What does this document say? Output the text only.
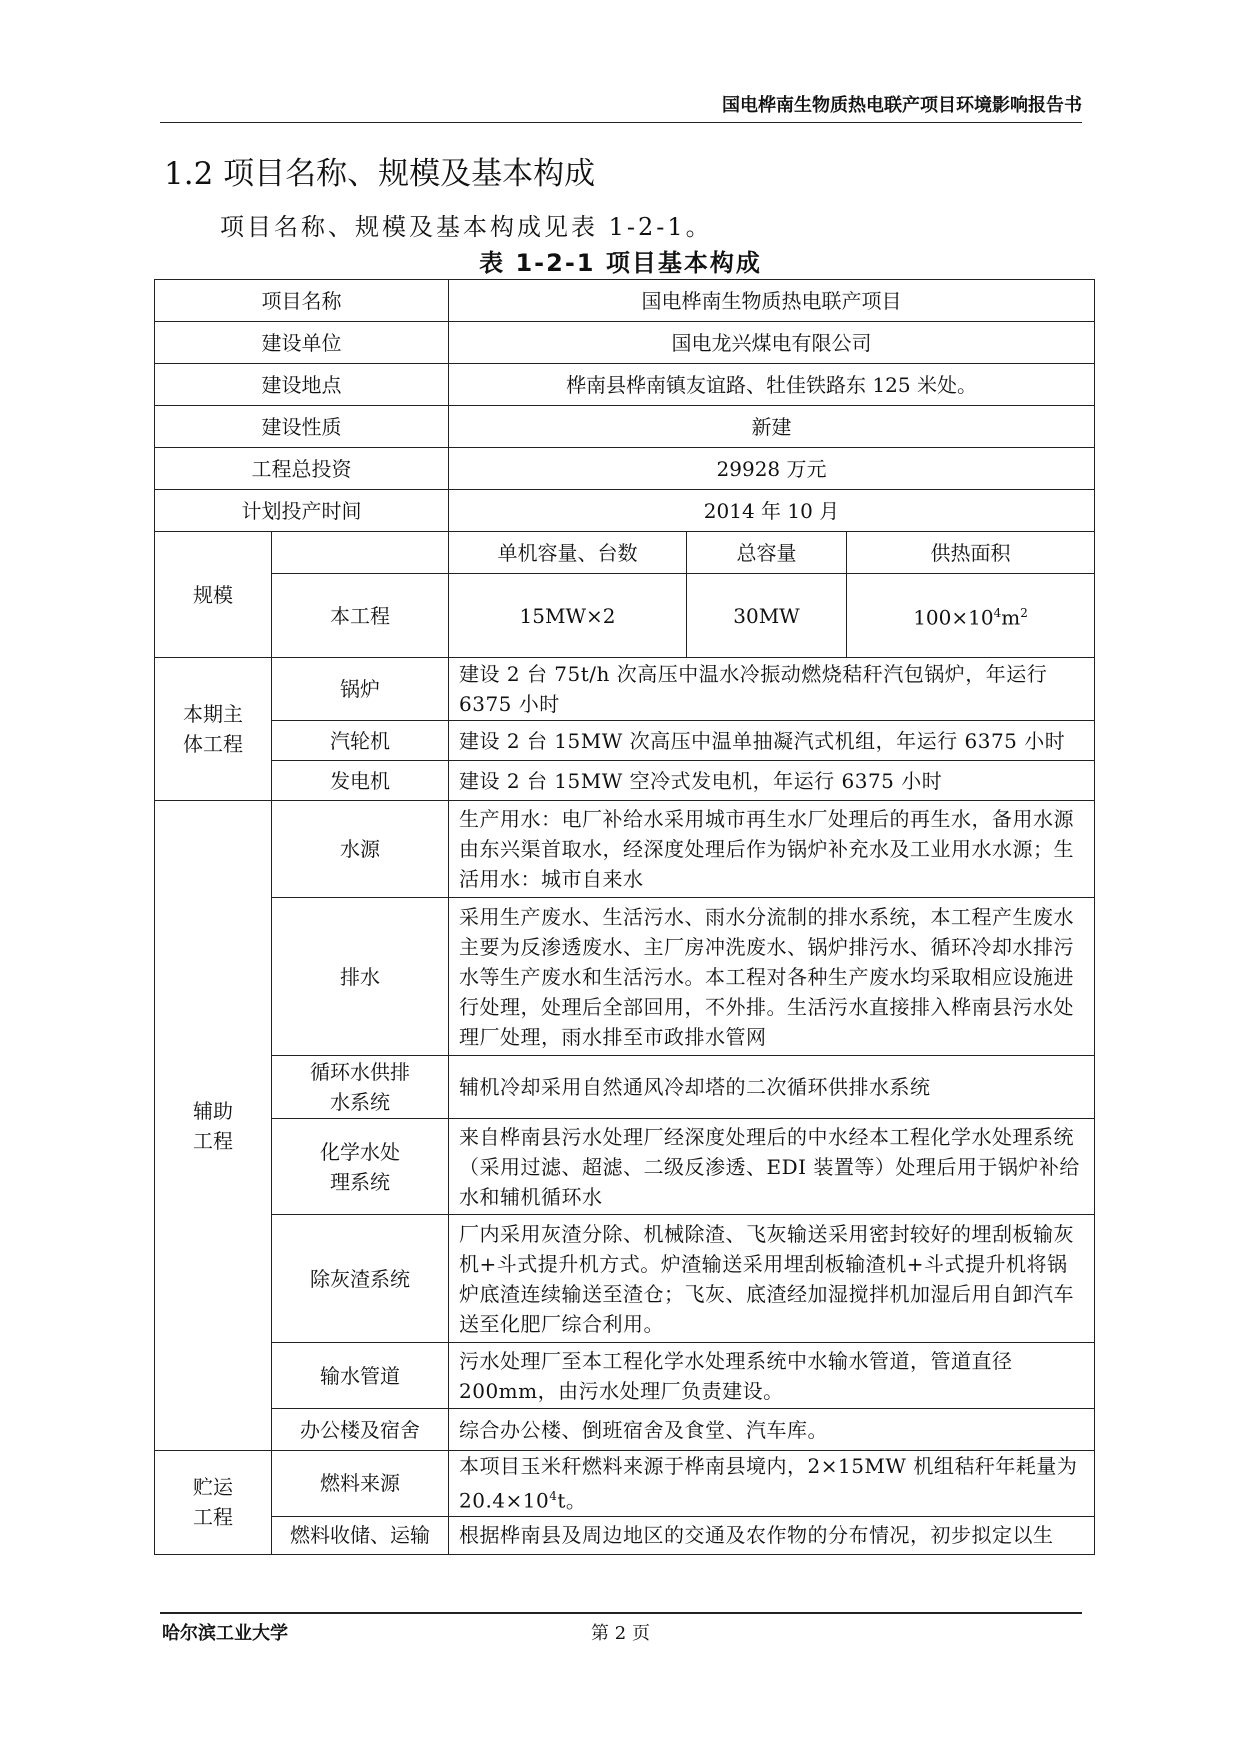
国电桦南生物质热电联产项目环境影响报告书
1.2 项目名称、规模及基本构成
项目名称、规模及基本构成见表 1-2-1。
表 1-2-1 项目基本构成
项目名称		国电桦南生物质热电联产项目		
建设单位		国电龙兴煤电有限公司		
建设地点		桦南县桦南镇友谊路、牡佳铁路东 125 米处。		
建设性质		新建		
工程总投资		29928 万元		
计划投产时间		2014 年 10 月		
规模		单机容量、台数	总容量	供热面积
	本工程	15MW×2	30MW	$100\times 10^4m^2$

本期主体工程	锅炉	建设 2 台 75t/h 次高压中温水冷振动燃烧秸秆汽包锅炉，年运行 6375 小时		
	汽轮机	建设 2 台 15MW 次高压中温单抽凝汽式机组，年运行 6375 小时		
	发电机	建设 2 台 15MW 空冷式发电机，年运行 6375 小时		

辅助工程	水源	生产用水：电厂补给水采用城市再生水厂处理后的再生水，备用水源由东兴渠首取水，经深度处理后作为锅炉补充水及工业用水水源；生活用水：城市自来水		
	排水	采用生产废水、生活污水、雨水分流制的排水系统，本工程产生废水主要为反渗透废水、主厂房冲洗废水、锅炉排污水、循环冷却水排污水等生产废水和生活污水。本工程对各种生产废水均采取相应设施进行处理，处理后全部回用，不外排。生活污水直接排入桦南县污水处理厂处理，雨水排至市政排水管网		

	循环水供排水系统	辅机冷却采用自然通风冷却塔的二次循环供排水系统		

	化学水处理系统	来自桦南县污水处理厂经深度处理后的中水经本工程化学水处理系统（采用过滤、超滤、二级反渗透、EDI 装置等）处理后用于锅炉补给水和辅机循环水		
	除灰渣系统	厂内采用灰渣分除、机械除渣、飞灰输送采用密封较好的埋刮板输灰机+斗式提升机方式。炉渣输送采用埋刮板输渣机+斗式提升机将锅炉底渣连续输送至渣仓；飞灰、底渣经加湿搅拌机加湿后用自卸汽车送至化肥厂综合利用。		
	输水管道	污水处理厂至本工程化学水处理系统中水输水管道，管道直径 200mm，由污水处理厂负责建设。		
	办公楼及宿舍	综合办公楼、倒班宿舍及食堂、汽车库。		

贮运工程	燃料来源	本项目玉米秆燃料来源于桦南县境内，2×15MW 机组秸秆年耗量为 $20.4\times 10^4t$。		
	燃料收储、运输	根据桦南县及周边地区的交通及农作物的分布情况，初步拟定以生		
哈尔滨工业大学	第 2 页
